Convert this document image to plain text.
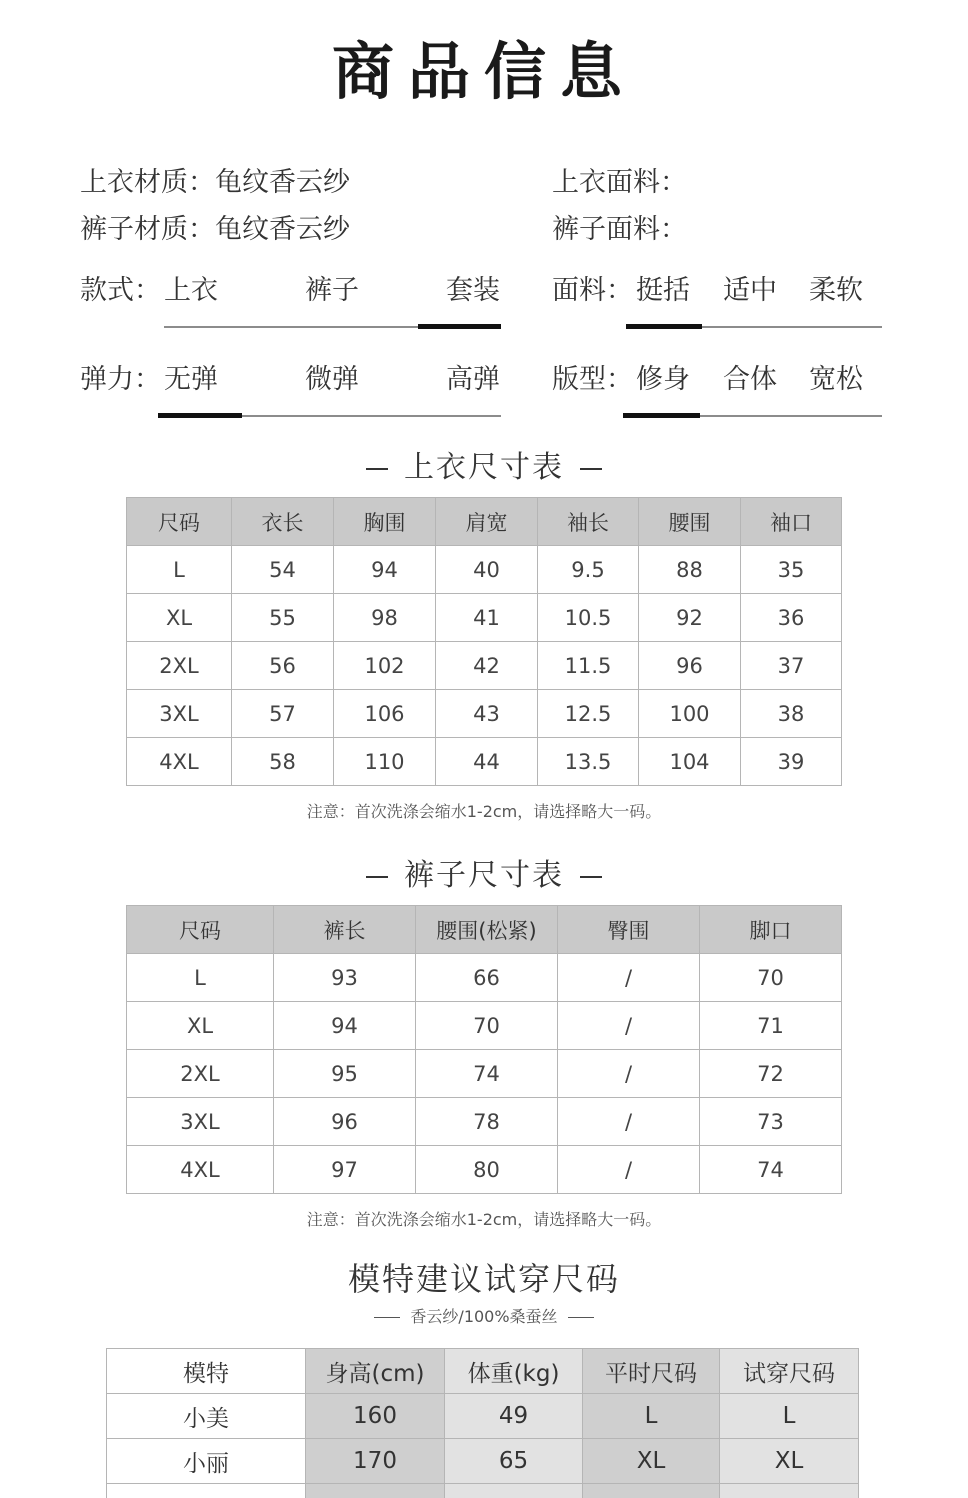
商品信息
上衣材质：龟纹香云纱
裤子材质：龟纹香云纱
上衣面料：
裤子面料：
款式： 上衣	裤子	套装 面料： 挺括 适中 柔软
弹力： 无弹	微弹	高弹 版型： 修身 合体 宽松
上衣尺寸表
尺码	衣长	胸围	肩宽	袖长	腰围	袖口
L	54	94	40	9.5	88	35
XL	55	98	41	10.5	92	36
2XL	56	102	42	11.5	96	37
3XL	57	106	43	12.5	100	38
4XL	58	110	44	13.5	104	39
注意：首次洗涤会缩水1-2cm，请选择略大一码。
裤子尺寸表
尺码	裤长	腰围(松紧)	臀围	脚口
L	93	66	/	70
XL	94	70	/	71
2XL	95	74	/	72
3XL	96	78	/	73
4XL	97	80	/	74
注意：首次洗涤会缩水1-2cm，请选择略大一码。
模特建议试穿尺码
香云纱/100%桑蚕丝
模特	身高(cm)	体重(kg)	平时尺码	试穿尺码
小美	160	49	L	L
小丽	170	65	XL	XL
